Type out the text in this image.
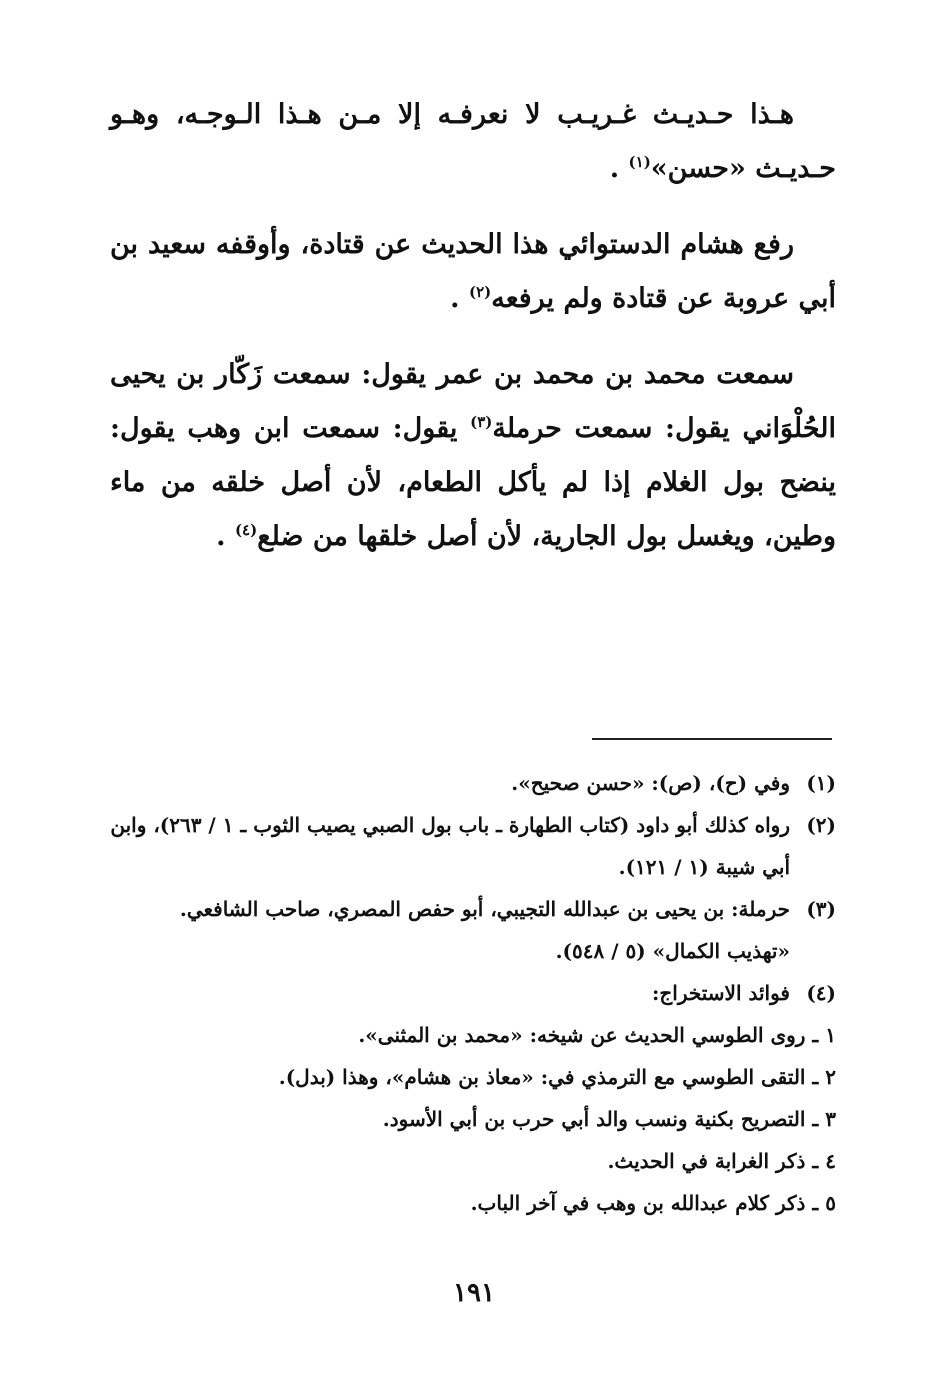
هـذا حـديـث غـريـب لا نعرفـه إلا مـن هـذا الـوجـه، وهـو حـديـث «حسن»$^{(١)}$ .

رفع هشام الدستوائي هذا الحديث عن قتادة، وأوقفه سعيد بن أبي عروبة عن قتادة ولم يرفعه$^{(٢)}$ .

سمعت محمد بن محمد بن عمر يقول: سمعت زَكّار بن يحيى الحُلْوَاني يقول: سمعت حرملة$^{(٣)}$ يقول: سمعت ابن وهب يقول: ينضح بول الغلام إذا لم يأكل الطعام، لأن أصل خلقه من ماء وطين، ويغسل بول الجارية، لأن أصل خلقها من ضلع$^{(٤)}$ .

(١)وفي (ح)، (ص): «حسن صحيح».

(٢)رواه كذلك أبو داود (كتاب الطهارة ـ باب بول الصبي يصيب الثوب ـ ١ / ٢٦٣)، وابن أبي شيبة (١ / ١٢١).

(٣)حرملة: بن يحيى بن عبدالله التجيبي، أبو حفص المصري، صاحب الشافعي. «تهذيب الكمال» (٥ / ٥٤٨).

(٤)فوائد الاستخراج:

١ ـ روى الطوسي الحديث عن شيخه: «محمد بن المثنى».

٢ ـ التقى الطوسي مع الترمذي في: «معاذ بن هشام»، وهذا (بدل).

٣ ـ التصريح بكنية ونسب والد أبي حرب بن أبي الأسود.

٤ ـ ذكر الغرابة في الحديث.

٥ ـ ذكر كلام عبدالله بن وهب في آخر الباب.

١٩١
